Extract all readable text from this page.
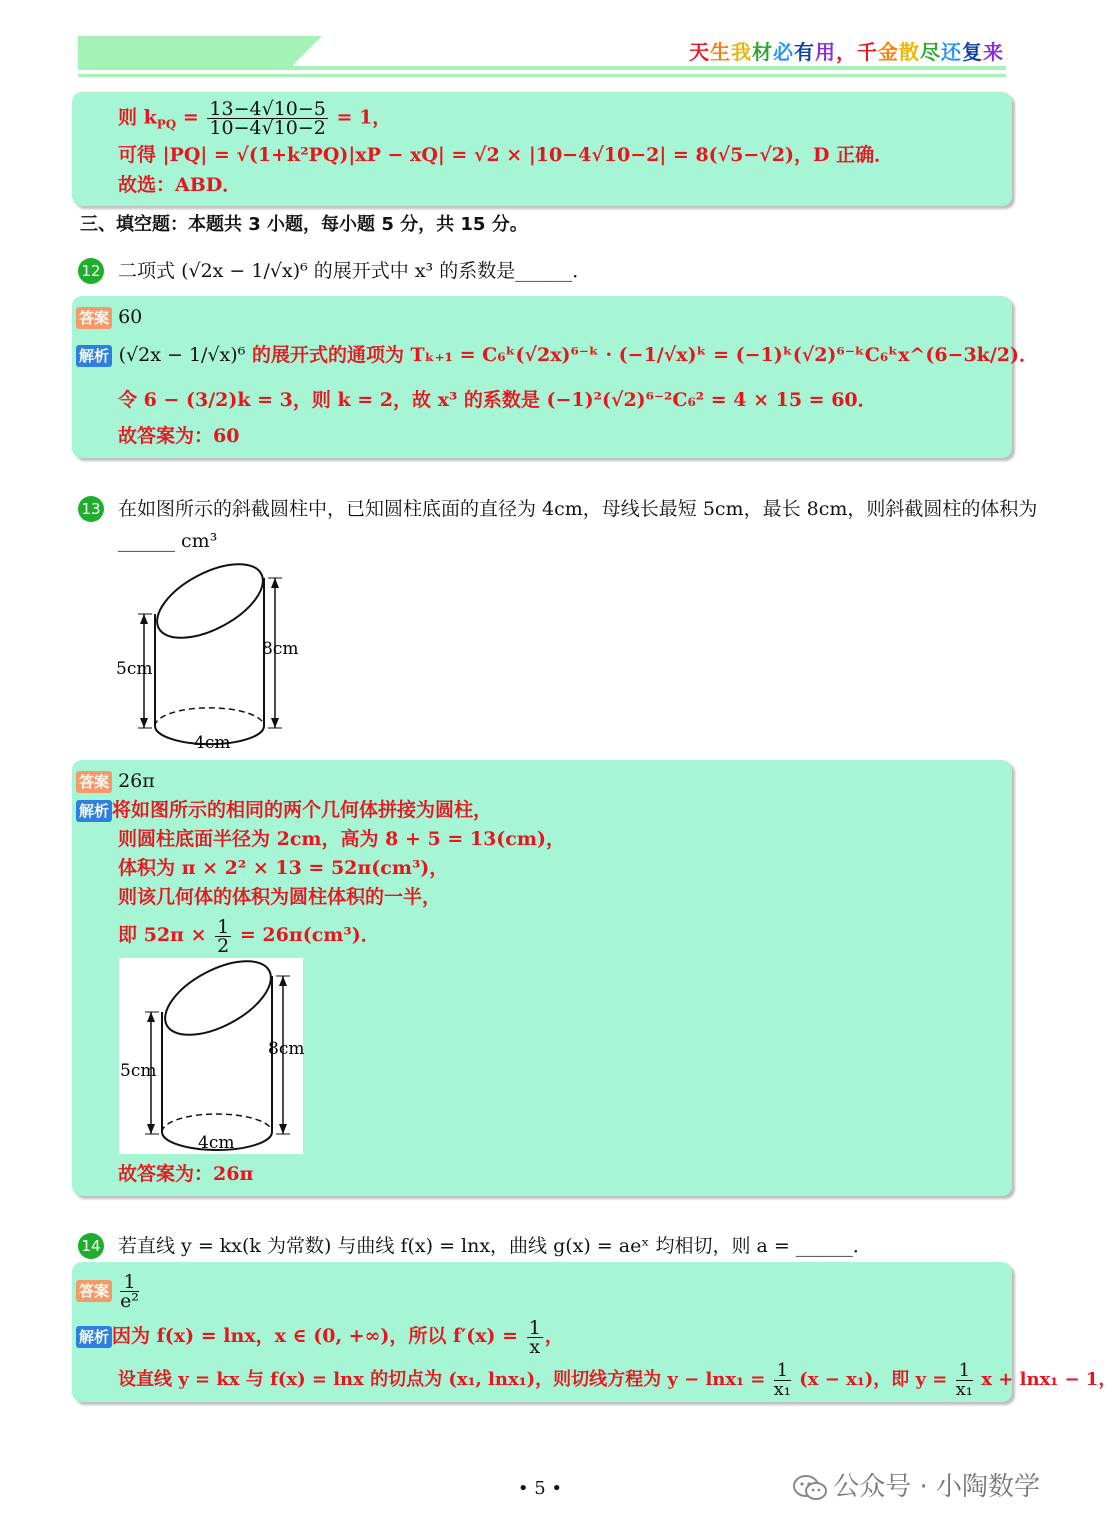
天生我材必有用，千金散尽还复来
则 $k_{PQ} = \frac{13-4√10-5}{10-4√10-2} = 1$，
可得 |PQ| = √(1+k²PQ)|xP − xQ| = √2 × |10−4√10−2| = 8(√5−√2)，D 正确．
故选：ABD．
三、填空题：本题共 3 小题，每小题 5 分，共 15 分。
12 二项式 (√2x − 1/√x)⁶ 的展开式中 x³ 的系数是______．
答案 60
解析 (√2x − 1/√x)⁶ 的展开式的通项为 Tₖ₊₁ = C₆ᵏ(√2x)⁶⁻ᵏ · (−1/√x)ᵏ = (−1)ᵏ(√2)⁶⁻ᵏC₆ᵏx^(6−3k/2)．
令 6 − (3/2)k = 3，则 k = 2，故 x³ 的系数是 (−1)²(√2)⁶⁻²C₆² = 4 × 15 = 60．
故答案为：60
13 在如图所示的斜截圆柱中，已知圆柱底面的直径为 4cm，母线长最短 5cm，最长 8cm，则斜截圆柱的体积为
______ cm³
5cm
8cm
4cm
答案 26π
解析 将如图所示的相同的两个几何体拼接为圆柱，
则圆柱底面半径为 2cm，高为 8 + 5 = 13(cm)，
体积为 π × 2² × 13 = 52π(cm³)，
则该几何体的体积为圆柱体积的一半，
即 $52\pi \times \frac{1}{2} = 26\pi(cm^3)$．
5cm
8cm
4cm
故答案为：26π
14 若直线 y = kx(k 为常数) 与曲线 f(x) = lnx，曲线 g(x) = aeˣ 均相切，则 a = ______．
答案 $\frac{1}{\text{e²}}$
解析 因为 f(x) = lnx，x ∈ (0, +∞)，所以 $f'(x) = \frac{1}{x}$ ，
设直线 y = kx 与 f(x) = lnx 的切点为 (x₁, lnx₁)，则切线方程为 $y - \ln x_1 = \frac{1}{\text{x₁}} (x - x_1)$，即 $y = \frac{1}{\text{x₁}}$ x + lnx₁ − 1，
• 5 •	公众号 · 小陶数学
